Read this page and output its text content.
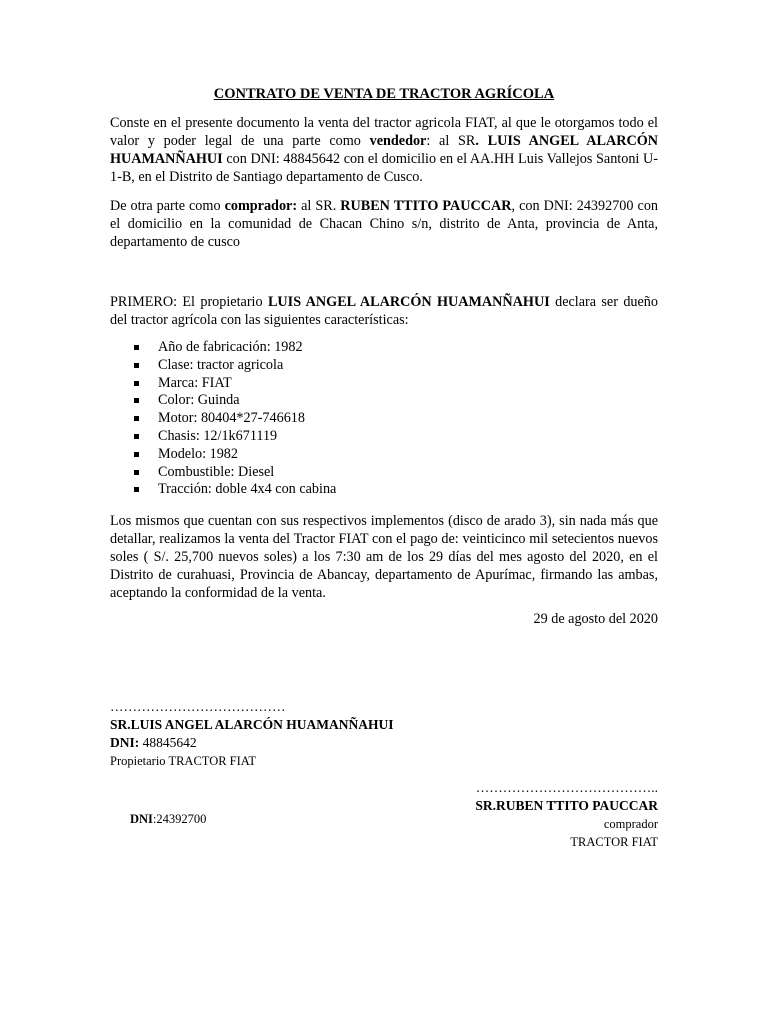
CONTRATO DE VENTA DE TRACTOR AGRÍCOLA
Conste en el presente documento la venta del tractor agricola FIAT, al que le otorgamos todo el valor y poder legal de una parte como vendedor: al SR. LUIS ANGEL ALARCÓN HUAMANÑAHUI con DNI: 48845642 con el domicilio en el AA.HH Luis Vallejos Santoni U-1-B, en el Distrito de Santiago departamento de Cusco.
De otra parte como comprador: al SR. RUBEN TTITO PAUCCAR, con DNI: 24392700 con el domicilio en la comunidad de Chacan Chino s/n, distrito de Anta, provincia de Anta, departamento de cusco
PRIMERO: El propietario LUIS ANGEL ALARCÓN HUAMANÑAHUI declara ser dueño del tractor agrícola con las siguientes características:
Año de fabricación: 1982
Clase: tractor agricola
Marca: FIAT
Color: Guinda
Motor: 80404*27-746618
Chasis: 12/1k671119
Modelo: 1982
Combustible: Diesel
Tracción: doble 4x4 con cabina
Los mismos que cuentan con sus respectivos implementos (disco de arado 3), sin nada más que detallar, realizamos la venta del Tractor FIAT con el pago de: veinticinco mil setecientos nuevos soles ( S/. 25,700 nuevos soles) a los 7:30 am de los 29 días del mes agosto del 2020, en el Distrito de curahuasi, Provincia de Abancay, departamento de Apurímac, firmando las ambas, aceptando la conformidad de la venta.
29 de agosto del 2020
…………………………………
SR.LUIS ANGEL ALARCÓN HUAMANÑAHUI
DNI: 48845642
Propietario TRACTOR FIAT
…………………………………..
SR.RUBEN TTITO PAUCCAR
comprador
TRACTOR FIAT
DNI:24392700
